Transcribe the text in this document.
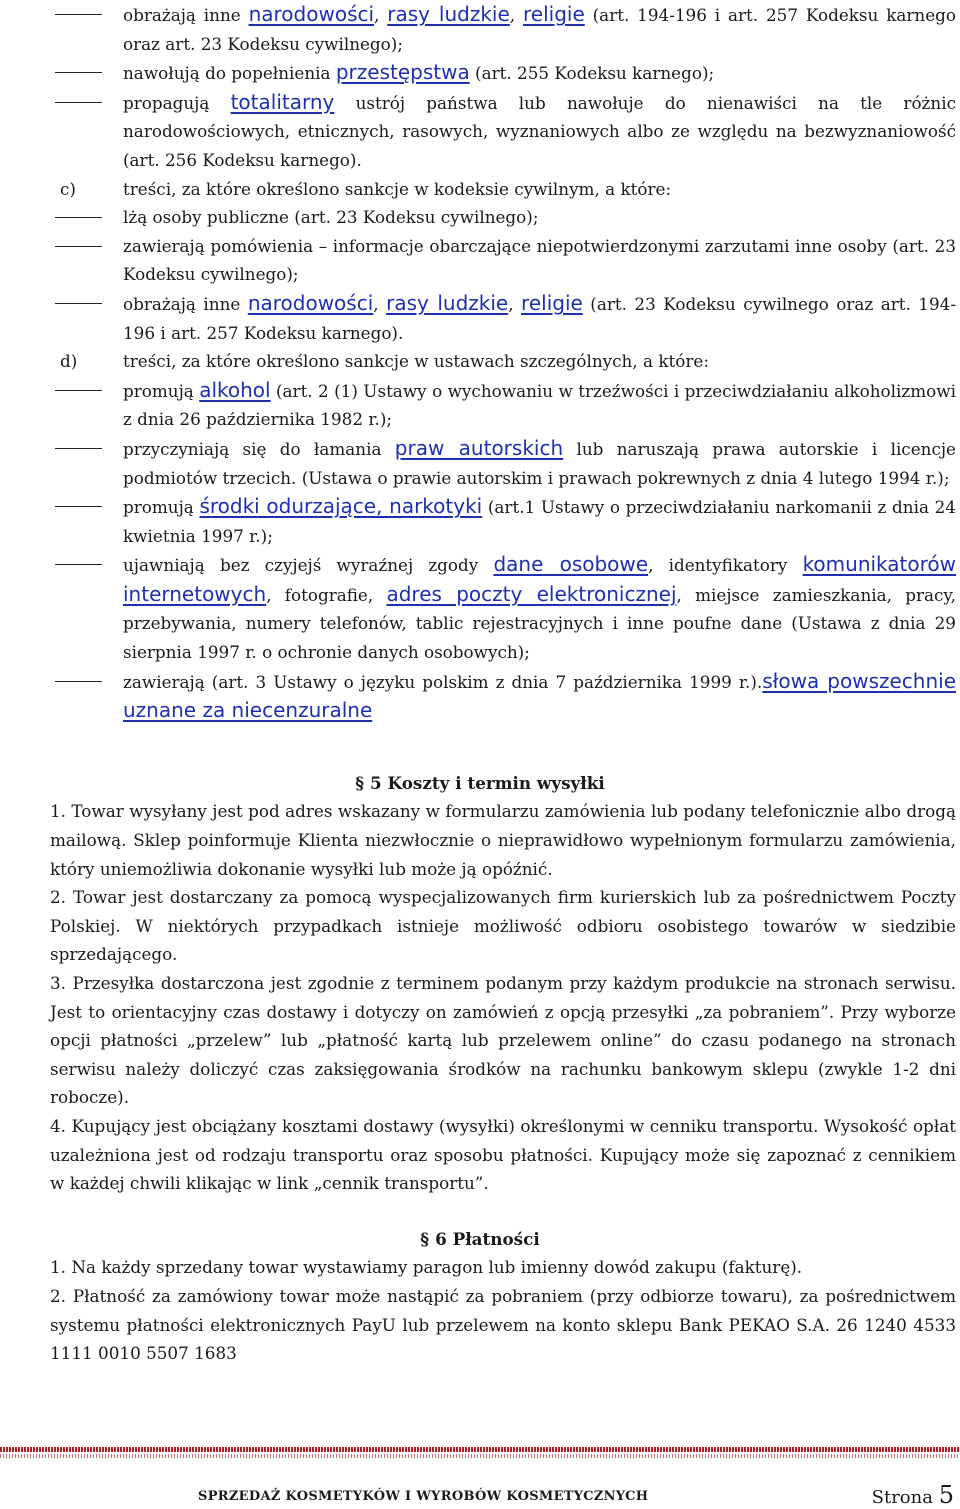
obrażają inne narodowości, rasy ludzkie, religie (art. 194-196 i art. 257 Kodeksu karnego oraz art. 23 Kodeksu cywilnego);
nawołują do popełnienia przestępstwa (art. 255 Kodeksu karnego);
propagują totalitarny ustrój państwa lub nawołuje do nienawiści na tle różnic narodowościowych, etnicznych, rasowych, wyznaniowych albo ze względu na bezwyznaniowość (art. 256 Kodeksu karnego).
c)	treści, za które określono sankcje w kodeksie cywilnym, a które:
lżą osoby publiczne (art. 23 Kodeksu cywilnego);
zawierają pomówienia – informacje obarczające niepotwierdzonymi zarzutami inne osoby (art. 23 Kodeksu cywilnego);
obrażają inne narodowości, rasy ludzkie, religie (art. 23 Kodeksu cywilnego oraz art. 194-196 i art. 257 Kodeksu karnego).
d)	treści, za które określono sankcje w ustawach szczególnych, a które:
promują alkohol (art. 2 (1) Ustawy o wychowaniu w trzeźwości i przeciwdziałaniu alkoholizmowi z dnia 26 października 1982 r.);
przyczyniają się do łamania praw autorskich lub naruszają prawa autorskie i licencje podmiotów trzecich. (Ustawa o prawie autorskim i prawach pokrewnych z dnia 4 lutego 1994 r.);
promują środki odurzające, narkotyki (art.1 Ustawy o przeciwdziałaniu narkomanii z dnia 24 kwietnia 1997 r.);
ujawniają bez czyjejś wyraźnej zgody dane osobowe, identyfikatory komunikatorów internetowych, fotografie, adres poczty elektronicznej, miejsce zamieszkania, pracy, przebywania, numery telefonów, tablic rejestracyjnych i inne poufne dane (Ustawa z dnia 29 sierpnia 1997 r. o ochronie danych osobowych);
zawierają (art. 3 Ustawy o języku polskim z dnia 7 października 1999 r.).słowa powszechnie uznane za niecenzuralne
§ 5 Koszty i termin wysyłki
1. Towar wysyłany jest pod adres wskazany w formularzu zamówienia lub podany telefonicznie albo drogą mailową. Sklep poinformuje Klienta niezwłocznie o nieprawidłowo wypełnionym formularzu zamówienia, który uniemożliwia dokonanie wysyłki lub może ją opóźnić.
2. Towar jest dostarczany za pomocą wyspecjalizowanych firm kurierskich lub za pośrednictwem Poczty Polskiej. W niektórych przypadkach istnieje możliwość odbioru osobistego towarów w siedzibie sprzedającego.
3. Przesyłka dostarczona jest zgodnie z terminem podanym przy każdym produkcie na stronach serwisu. Jest to orientacyjny czas dostawy i dotyczy on zamówień z opcją przesyłki „za pobraniem”. Przy wyborze opcji płatności „przelew” lub „płatność kartą lub przelewem online” do czasu podanego na stronach serwisu należy doliczyć czas zaksięgowania środków na rachunku bankowym sklepu (zwykle 1-2 dni robocze).
4. Kupujący jest obciążany kosztami dostawy (wysyłki) określonymi w cenniku transportu. Wysokość opłat uzależniona jest od rodzaju transportu oraz sposobu płatności. Kupujący może się zapoznać z cennikiem w każdej chwili klikając w link „cennik transportu”.
§ 6 Płatności
1. Na każdy sprzedany towar wystawiamy paragon lub imienny dowód zakupu (fakturę).
2. Płatność za zamówiony towar może nastąpić za pobraniem (przy odbiorze towaru), za pośrednictwem systemu płatności elektronicznych PayU lub przelewem na konto sklepu Bank PEKAO S.A. 26 1240 4533 1111 0010 5507 1683
SPRZEDAŻ KOSMETYKÓW I WYROBÓW KOSMETYCZNYCH	Strona 5
